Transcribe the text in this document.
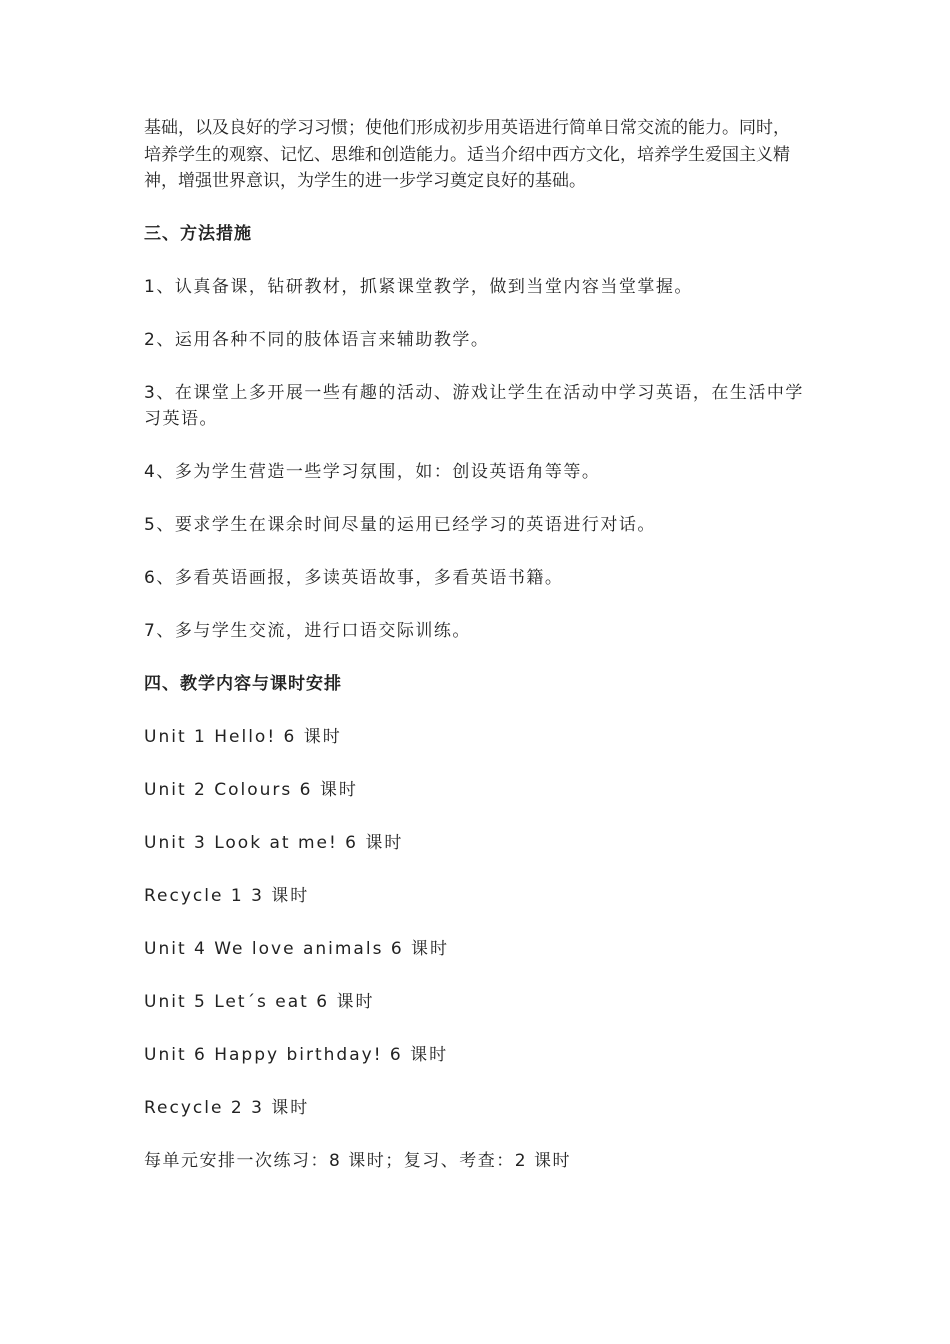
基础，以及良好的学习习惯；使他们形成初步用英语进行简单日常交流的能力。同时，培养学生的观察、记忆、思维和创造能力。适当介绍中西方文化，培养学生爱国主义精神，增强世界意识，为学生的进一步学习奠定良好的基础。

三、方法措施

1、认真备课，钻研教材，抓紧课堂教学，做到当堂内容当堂掌握。

2、运用各种不同的肢体语言来辅助教学。

3、在课堂上多开展一些有趣的活动、游戏让学生在活动中学习英语，在生活中学习英语。

4、多为学生营造一些学习氛围，如：创设英语角等等。

5、要求学生在课余时间尽量的运用已经学习的英语进行对话。

6、多看英语画报，多读英语故事，多看英语书籍。

7、多与学生交流，进行口语交际训练。

四、教学内容与课时安排

Unit 1 Hello! 6 课时

Unit 2 Colours 6 课时

Unit 3 Look at me! 6 课时

Recycle 1 3 课时

Unit 4 We love animals 6 课时

Unit 5 Let´s eat 6 课时

Unit 6 Happy birthday! 6 课时

Recycle 2 3 课时

每单元安排一次练习：8 课时；复习、考查：2 课时
